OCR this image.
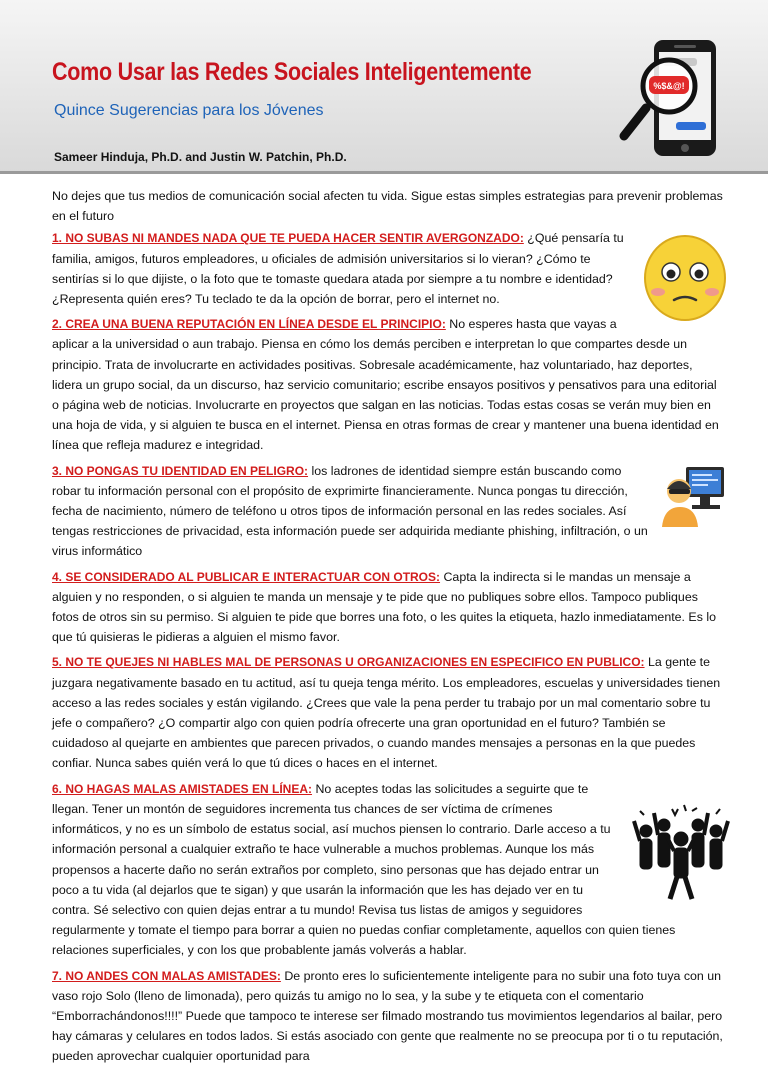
Como Usar las Redes Sociales Inteligentemente
Quince Sugerencias para los Jóvenes
Sameer Hinduja, Ph.D. and Justin W. Patchin, Ph.D.
%$&@!

No dejes que tus medios de comunicación social afecten tu vida. Sigue estas simples estrategias para prevenir problemas en el futuro

1. NO SUBAS NI MANDES NADA QUE TE PUEDA HACER SENTIR AVERGONZADO: ¿Qué pensaría tu familia, amigos, futuros empleadores, u oficiales de admisión universitarios si lo vieran? ¿Cómo te sentirías si lo que dijiste, o la foto que te tomaste quedara atada por siempre a tu nombre e identidad? ¿Representa quién eres? Tu teclado te da la opción de borrar, pero el internet no.

2. CREA UNA BUENA REPUTACIÓN EN LÍNEA DESDE EL PRINCIPIO: No esperes hasta que vayas a aplicar a la universidad o aun trabajo. Piensa en cómo los demás perciben e interpretan lo que compartes desde un principio. Trata de involucrarte en actividades positivas. Sobresale académicamente, haz voluntariado, haz deportes, lidera un grupo social, da un discurso, haz servicio comunitario; escribe ensayos positivos y pensativos para una editorial o página web de noticias. Involucrarte en proyectos que salgan en las noticias. Todas estas cosas se verán muy bien en una hoja de vida, y si alguien te busca en el internet. Piensa en otras formas de crear y mantener una buena identidad en línea que refleja madurez e integridad.

3. NO PONGAS TU IDENTIDAD EN PELIGRO: los ladrones de identidad siempre están buscando como robar tu información personal con el propósito de exprimirte financieramente. Nunca pongas tu dirección, fecha de nacimiento, número de teléfono u otros tipos de información personal en las redes sociales. Así tengas restricciones de privacidad, esta información puede ser adquirida mediante phishing, infiltración, o un virus informático

4. SE CONSIDERADO AL PUBLICAR E INTERACTUAR CON OTROS: Capta la indirecta si le mandas un mensaje a alguien y no responden, o si alguien te manda un mensaje y te pide que no publiques sobre ellos. Tampoco publiques fotos de otros sin su permiso. Si alguien te pide que borres una foto, o les quites la etiqueta, hazlo inmediatamente. Es lo que tú quisieras le pidieras a alguien el mismo favor.

5. NO TE QUEJES NI HABLES MAL DE PERSONAS U ORGANIZACIONES EN ESPECIFICO EN PUBLICO: La gente te juzgara negativamente basado en tu actitud, así tu queja tenga mérito. Los empleadores, escuelas y universidades tienen acceso a las redes sociales y están vigilando. ¿Crees que vale la pena perder tu trabajo por un mal comentario sobre tu jefe o compañero? ¿O compartir algo con quien podría ofrecerte una gran oportunidad en el futuro? También se cuidadoso al quejarte en ambientes que parecen privados, o cuando mandes mensajes a personas en la que puedes confiar. Nunca sabes quién verá lo que tú dices o haces en el internet.

6. NO HAGAS MALAS AMISTADES EN LÍNEA: No aceptes todas las solicitudes a seguirte que te llegan. Tener un montón de seguidores incrementa tus chances de ser víctima de crímenes informáticos, y no es un símbolo de estatus social, así muchos piensen lo contrario. Darle acceso a tu información personal a cualquier extraño te hace vulnerable a muchos problemas. Aunque los más propensos a hacerte daño no serán extraños por completo, sino personas que has dejado entrar un poco a tu vida (al dejarlos que te sigan) y que usarán la información que les has dejado ver en tu contra. Sé selectivo con quien dejas entrar a tu mundo! Revisa tus listas de amigos y seguidores regularmente y tomate el tiempo para borrar a quien no puedas confiar completamente, aquellos con quien tienes relaciones superficiales, y con los que probablente jamás volverás a hablar.

7. NO ANDES CON MALAS AMISTADES: De pronto eres lo suficientemente inteligente para no subir una foto tuya con un vaso rojo Solo (lleno de limonada), pero quizás tu amigo no lo sea, y la sube y te etiqueta con el comentario “Emborrachándonos!!!!” Puede que tampoco te interese ser filmado mostrando tus movimientos legendarios al bailar, pero hay cámaras y celulares en todos lados. Si estás asociado con gente que realmente no se preocupa por ti o tu reputación, pueden aprovechar cualquier oportunidad para
